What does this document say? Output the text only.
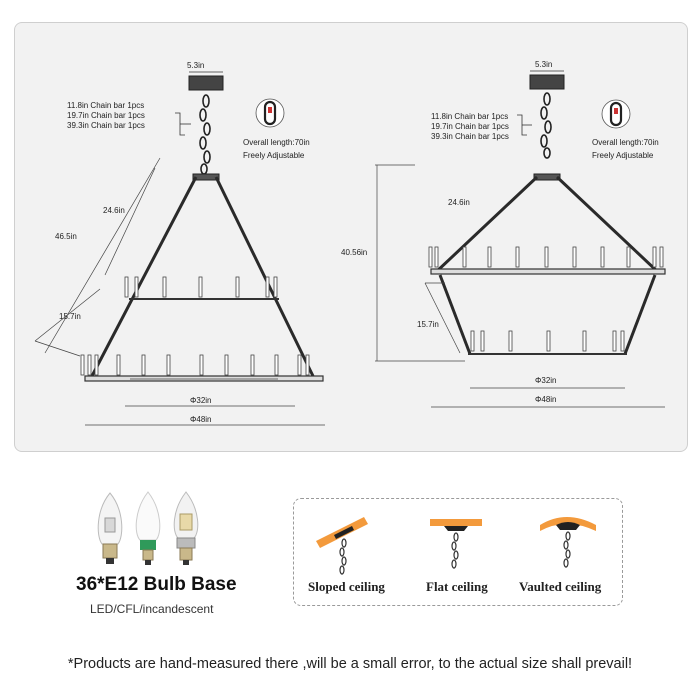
5.3in
11.8in Chain bar 1pcs
19.7in Chain bar 1pcs
39.3in Chain bar 1pcs
Overall length:70in
Freely Adjustable
46.5in
24.6in
15.7in
Φ32in
Φ48in
5.3in
11.8in Chain bar 1pcs
19.7in Chain bar 1pcs
39.3in Chain bar 1pcs
Overall length:70in
Freely Adjustable
40.56in
24.6in
15.7in
Φ32in
Φ48in
36*E12 Bulb Base
LED/CFL/incandescent
Sloped ceiling	Flat ceiling Vaulted ceiling
*Products are hand-measured there ,will be a small error, to the actual size shall prevail!
